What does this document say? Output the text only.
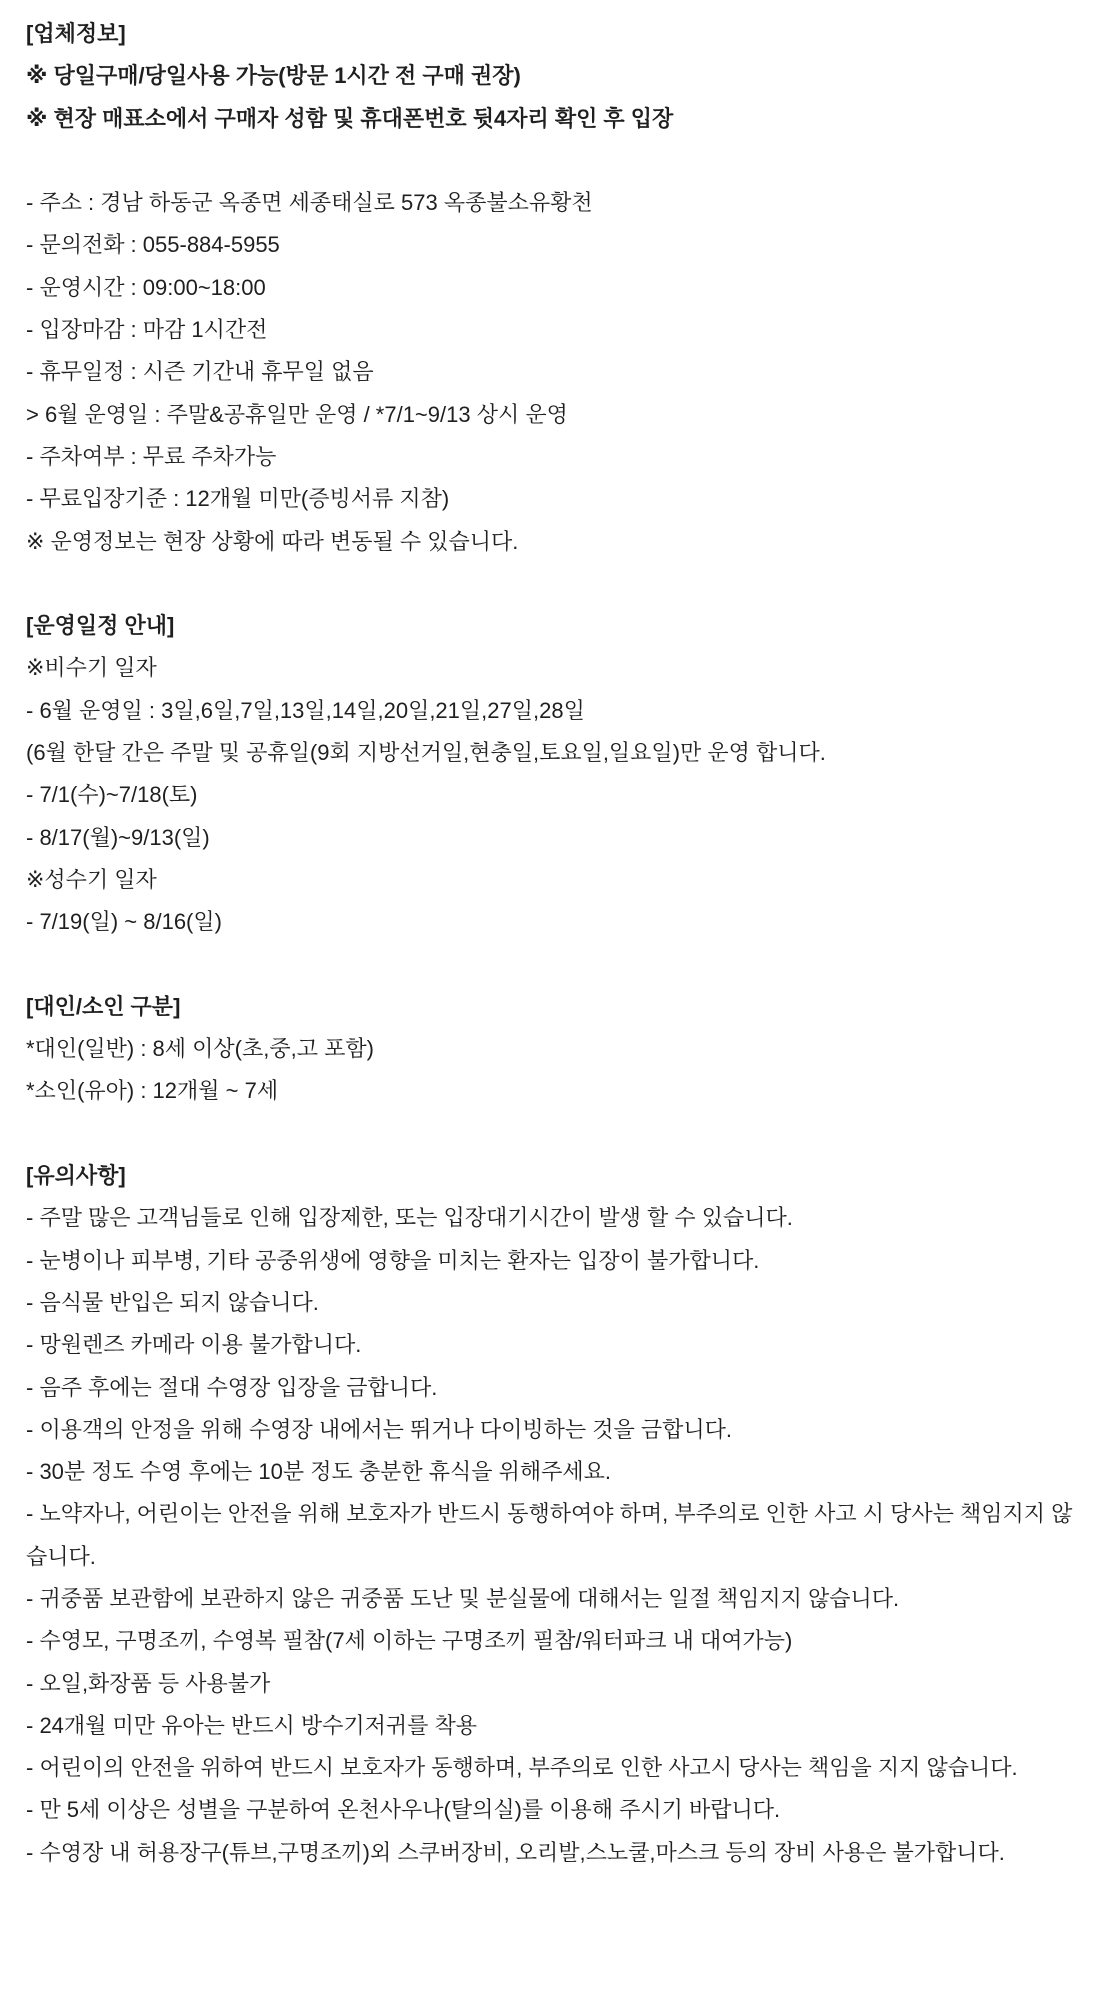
[업체정보]
※ 당일구매/당일사용 가능(방문 1시간 전 구매 권장)
※ 현장 매표소에서 구매자 성함 및 휴대폰번호 뒷4자리 확인 후 입장
- 주소 : 경남 하동군 옥종면 세종태실로 573 옥종불소유황천
- 문의전화 : 055-884-5955
- 운영시간 : 09:00~18:00
- 입장마감 : 마감 1시간전
- 휴무일정 : 시즌 기간내 휴무일 없음
> 6월 운영일 : 주말&공휴일만 운영 / *7/1~9/13 상시 운영
- 주차여부 : 무료 주차가능
- 무료입장기준 : 12개월 미만(증빙서류 지참)
※ 운영정보는 현장 상황에 따라 변동될 수 있습니다.
[운영일정 안내]
※비수기 일자
- 6월 운영일 : 3일,6일,7일,13일,14일,20일,21일,27일,28일
(6월 한달 간은 주말 및 공휴일(9회 지방선거일,현충일,토요일,일요일)만 운영 합니다.
- 7/1(수)~7/18(토)
- 8/17(월)~9/13(일)
※성수기 일자
- 7/19(일) ~ 8/16(일)
[대인/소인 구분]
*대인(일반) : 8세 이상(초,중,고 포함)
*소인(유아) : 12개월 ~ 7세
[유의사항]
- 주말 많은 고객님들로 인해 입장제한, 또는 입장대기시간이 발생 할 수 있습니다.
- 눈병이나 피부병, 기타 공중위생에 영향을 미치는 환자는 입장이 불가합니다.
- 음식물 반입은 되지 않습니다.
- 망원렌즈 카메라 이용 불가합니다.
- 음주 후에는 절대 수영장 입장을 금합니다.
- 이용객의 안정을 위해 수영장 내에서는 뛰거나 다이빙하는 것을 금합니다.
- 30분 정도 수영 후에는 10분 정도 충분한 휴식을 위해주세요.
- 노약자나, 어린이는 안전을 위해 보호자가 반드시 동행하여야 하며, 부주의로 인한 사고 시 당사는 책임지지 않습니다.
- 귀중품 보관함에 보관하지 않은 귀중품 도난 및 분실물에 대해서는 일절 책임지지 않습니다.
- 수영모, 구명조끼, 수영복 필참(7세 이하는 구명조끼 필참/워터파크 내 대여가능)
- 오일,화장품 등 사용불가
- 24개월 미만 유아는 반드시 방수기저귀를 착용
- 어린이의 안전을 위하여 반드시 보호자가 동행하며, 부주의로 인한 사고시 당사는 책임을 지지 않습니다.
- 만 5세 이상은 성별을 구분하여 온천사우나(탈의실)를 이용해 주시기 바랍니다.
- 수영장 내 허용장구(튜브,구명조끼)외 스쿠버장비, 오리발,스노쿨,마스크 등의 장비 사용은 불가합니다.
